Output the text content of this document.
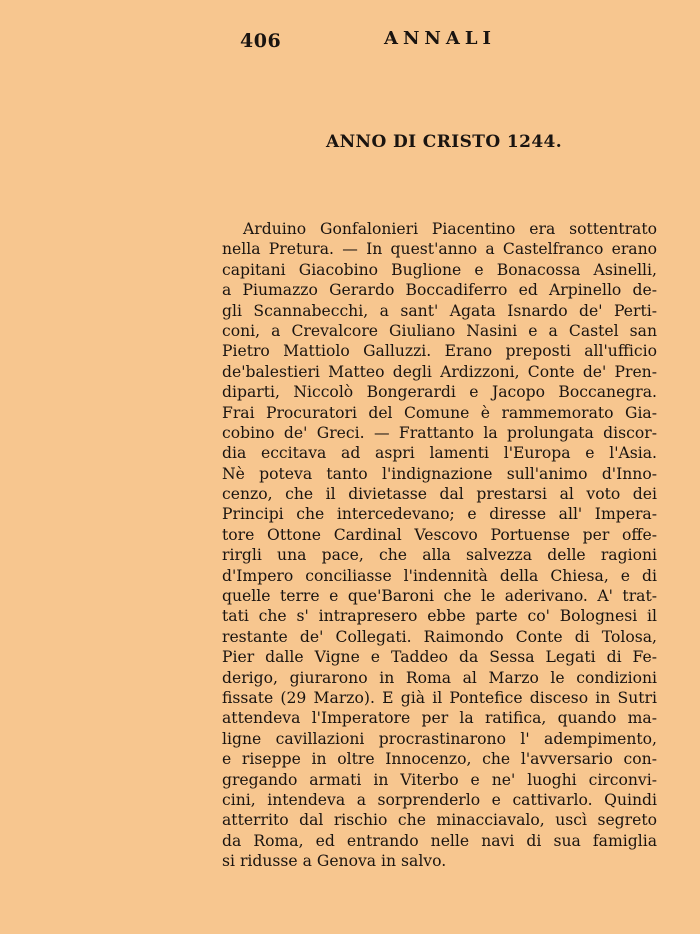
406	ANNALI
ANNO DI CRISTO 1244.
Arduino Gonfalonieri Piacentino era sottentrato
nella Pretura. — In quest'anno a Castelfranco erano
capitani Giacobino Buglione e Bonacossa Asinelli,
a Piumazzo Gerardo Boccadiferro ed Arpinello de-
gli Scannabecchi, a sant' Agata Isnardo de' Perti-
coni, a Crevalcore Giuliano Nasini e a Castel san
Pietro Mattiolo Galluzzi. Erano preposti all'ufficio
de'balestieri Matteo degli Ardizzoni, Conte de' Pren-
diparti, Niccolò Bongerardi e Jacopo Boccanegra.
Frai Procuratori del Comune è rammemorato Gia-
cobino de' Greci. — Frattanto la prolungata discor-
dia eccitava ad aspri lamenti l'Europa e l'Asia.
Nè poteva tanto l'indignazione sull'animo d'Inno-
cenzo, che il divietasse dal prestarsi al voto dei
Principi che intercedevano; e diresse all' Impera-
tore Ottone Cardinal Vescovo Portuense per offe-
rirgli una pace, che alla salvezza delle ragioni
d'Impero conciliasse l'indennità della Chiesa, e di
quelle terre e que'Baroni che le aderivano. A' trat-
tati che s' intrapresero ebbe parte co' Bolognesi il
restante de' Collegati. Raimondo Conte di Tolosa,
Pier dalle Vigne e Taddeo da Sessa Legati di Fe-
derigo, giurarono in Roma al Marzo le condizioni
fissate (29 Marzo). E già il Pontefice disceso in Sutri
attendeva l'Imperatore per la ratifica, quando ma-
ligne cavillazioni procrastinarono l' adempimento,
e riseppe in oltre Innocenzo, che l'avversario con-
gregando armati in Viterbo e ne' luoghi circonvi-
cini, intendeva a sorprenderlo e cattivarlo. Quindi
atterrito dal rischio che minacciavalo, uscì segreto
da Roma, ed entrando nelle navi di sua famiglia
si ridusse a Genova in salvo.
